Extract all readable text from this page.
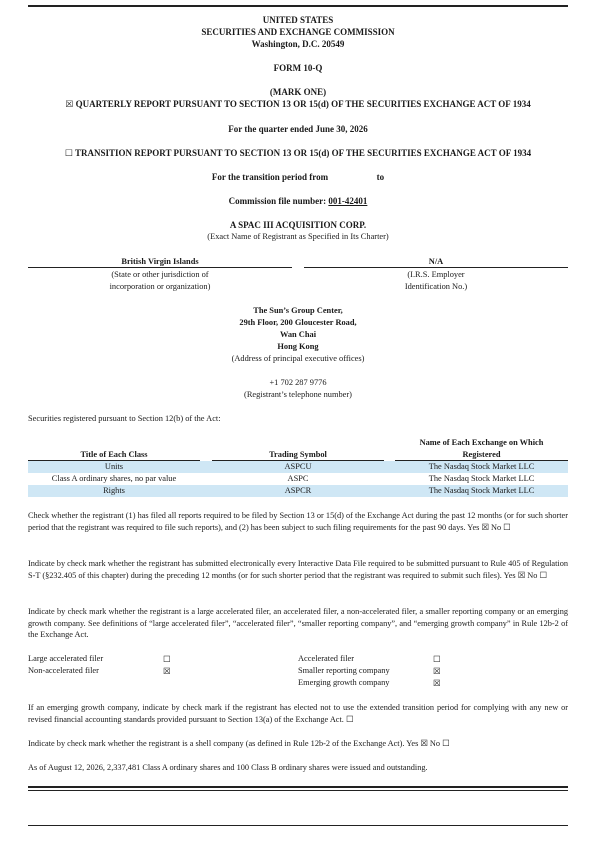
UNITED STATES
SECURITIES AND EXCHANGE COMMISSION
Washington, D.C. 20549
FORM 10-Q
(MARK ONE)
☒ QUARTERLY REPORT PURSUANT TO SECTION 13 OR 15(d) OF THE SECURITIES EXCHANGE ACT OF 1934
For the quarter ended June 30, 2026
☐ TRANSITION REPORT PURSUANT TO SECTION 13 OR 15(d) OF THE SECURITIES EXCHANGE ACT OF 1934
For the transition period from	to
Commission file number: 001-42401
A SPAC III ACQUISITION CORP.
(Exact Name of Registrant as Specified in Its Charter)
British Virgin Islands
(State or other jurisdiction of
incorporation or organization)
N/A
(I.R.S. Employer
Identification No.)
The Sun’s Group Center,
29th Floor, 200 Gloucester Road,
Wan Chai
Hong Kong
(Address of principal executive offices)
+1 702 287 9776
(Registrant’s telephone number)
Securities registered pursuant to Section 12(b) of the Act:
Name of Each Exchange on Which
Title of Each Class	Trading Symbol	Registered
Units	ASPCU	The Nasdaq Stock Market LLC
Class A ordinary shares, no par value	ASPC	The Nasdaq Stock Market LLC
Rights	ASPCR	The Nasdaq Stock Market LLC
Check whether the registrant (1) has filed all reports required to be filed by Section 13 or 15(d) of the Exchange Act during the past 12 months (or for such shorter period that the registrant was required to file such reports), and (2) has been subject to such filing requirements for the past 90 days. Yes ☒ No ☐
Indicate by check mark whether the registrant has submitted electronically every Interactive Data File required to be submitted pursuant to Rule 405 of Regulation S-T (§232.405 of this chapter) during the preceding 12 months (or for such shorter period that the registrant was required to submit such files). Yes ☒ No ☐
Indicate by check mark whether the registrant is a large accelerated filer, an accelerated filer, a non-accelerated filer, a smaller reporting company or an emerging growth company. See definitions of “large accelerated filer”, “accelerated filer”, “smaller reporting company”, and “emerging growth company” in Rule 12b-2 of the Exchange Act.
Large accelerated filer	☐
Non-accelerated filer	☒
Accelerated filer	☐
Smaller reporting company	☒
Emerging growth company	☒
If an emerging growth company, indicate by check mark if the registrant has elected not to use the extended transition period for complying with any new or revised financial accounting standards provided pursuant to Section 13(a) of the Exchange Act. ☐
Indicate by check mark whether the registrant is a shell company (as defined in Rule 12b-2 of the Exchange Act). Yes ☒ No ☐
As of August 12, 2026, 2,337,481 Class A ordinary shares and 100 Class B ordinary shares were issued and outstanding.
